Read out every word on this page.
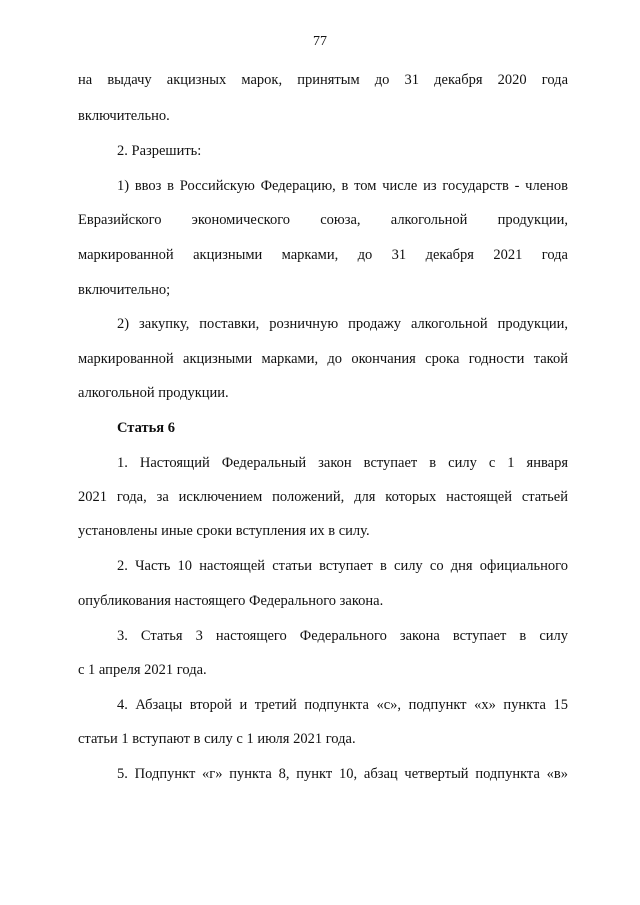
77
на выдачу акцизных марок, принятым до 31 декабря 2020 года
включительно.
2. Разрешить:
1) ввоз в Российскую Федерацию, в том числе из государств - членов
Евразийского экономического союза, алкогольной продукции,
маркированной акцизными марками, до 31 декабря 2021 года
включительно;
2) закупку, поставки, розничную продажу алкогольной продукции,
маркированной акцизными марками, до окончания срока годности такой
алкогольной продукции.
Статья 6
1. Настоящий Федеральный закон вступает в силу с 1 января
2021 года, за исключением положений, для которых настоящей статьей
установлены иные сроки вступления их в силу.
2. Часть 10 настоящей статьи вступает в силу со дня официального
опубликования настоящего Федерального закона.
3. Статья 3 настоящего Федерального закона вступает в силу
с 1 апреля 2021 года.
4. Абзацы второй и третий подпункта «с», подпункт «х» пункта 15
статьи 1 вступают в силу с 1 июля 2021 года.
5. Подпункт «г» пункта 8, пункт 10, абзац четвертый подпункта «в»
